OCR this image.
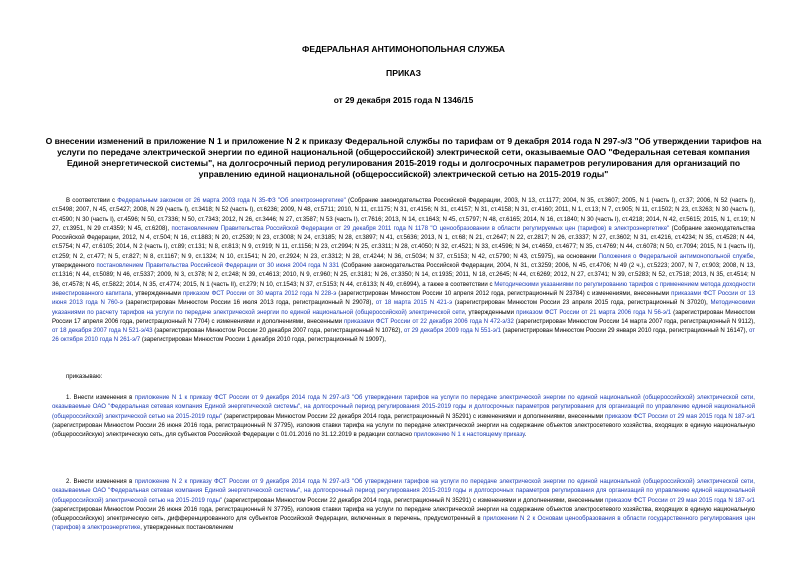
ФЕДЕРАЛЬНАЯ АНТИМОНОПОЛЬНАЯ СЛУЖБА
ПРИКАЗ
от 29 декабря 2015 года N 1346/15
О внесении изменений в приложение N 1 и приложение N 2 к приказу Федеральной службы по тарифам от 9 декабря 2014 года N 297-э/3 "Об утверждении тарифов на услуги по передаче электрической энергии по единой национальной (общероссийской) электрической сети, оказываемые ОАО "Федеральная сетевая компания Единой энергетической системы", на долгосрочный период регулирования 2015-2019 годы и долгосрочных параметров регулирования для организаций по управлению единой национальной (общероссийской) электрической сетью на 2015-2019 годы"
В соответствии с Федеральным законом от 26 марта 2003 года N 35-ФЗ "Об электроэнергетике" (Собрание законодательства Российской Федерации, 2003, N 13, ст.1177; 2004, N 35, ст.3607; 2005, N 1 (часть I), ст.37; 2006, N 52 (часть I), ст.5498; 2007, N 45, ст.5427; 2008, N 29 (часть I), ст.3418; N 52 (часть I), ст.6236; 2009, N 48, ст.5711; 2010, N 11, ст.1175; N 31, ст.4156; N 31, ст.4157; N 31, ст.4158; N 31, ст.4160; 2011, N 1, ст.13; N 7, ст.905; N 11, ст.1502; N 23, ст.3263; N 30 (часть I), ст.4590; N 30 (часть I), ст.4596; N 50, ст.7336; N 50, ст.7343; 2012, N 26, ст.3446; N 27, ст.3587; N 53 (часть I), ст.7616; 2013, N 14, ст.1643; N 45, ст.5797; N 48, ст.6165; 2014, N 16, ст.1840; N 30 (часть I), ст.4218; 2014, N 42, ст.5615; 2015, N 1, ст.19; N 27, ст.3951, N 29 ст.4359; N 45, ст.6208), постановлением Правительства Российской Федерации от 29 декабря 2011 года N 1178 "О ценообразовании в области регулируемых цен (тарифов) в электроэнергетике" (Собрание законодательства Российской Федерации, 2012, N 4, ст.504; N 16, ст.1883; N 20, ст.2539; N 23, ст.3008; N 24, ст.3185; N 28, ст.3897; N 41, ст.5636; 2013, N 1, ст.68; N 21, ст.2647; N 22, ст.2817; N 26, ст.3337; N 27, ст.3602; N 31, ст.4216, ст.4234; N 35, ст.4528; N 44, ст.5754; N 47, ст.6105; 2014, N 2 (часть I), ст.89; ст.131; N 8, ст.813; N 9, ст.919; N 11, ст.1156; N 23, ст.2994; N 25, ст.3311; N 28, ст.4050; N 32, ст.4521; N 33, ст.4596; N 34, ст.4659, ст.4677; N 35, ст.4769; N 44, ст.6078; N 50, ст.7094; 2015, N 1 (часть II), ст.259; N 2, ст.477; N 5, ст.827; N 8, ст.1167; N 9, ст.1324; N 10, ст.1541; N 20, ст.2924; N 23, ст.3312; N 28, ст.4244; N 36, ст.5034; N 37, ст.5153; N 42, ст.5790; N 43, ст.5975), на основании Положения о Федеральной антимонопольной службе, утвержденного постановлением Правительства Российской Федерации от 30 июня 2004 года N 331 (Собрание законодательства Российской Федерации, 2004, N 31, ст.3259; 2006, N 45, ст.4706; N 49 (2 ч.), ст.5223; 2007, N 7, ст.903; 2008, N 13, ст.1316; N 44, ст.5089; N 46, ст.5337; 2009, N 3, ст.378; N 2, ст.248; N 39, ст.4613; 2010, N 9, ст.960; N 25, ст.3181; N 26, ст.3350; N 14, ст.1935; 2011, N 18, ст.2645; N 44, ст.6269; 2012, N 27, ст.3741; N 39, ст.5283; N 52, ст.7518; 2013, N 35, ст.4514; N 36, ст.4578; N 45, ст.5822; 2014, N 35, ст.4774; 2015, N 1 (часть II), ст.279; N 10, ст.1543; N 37, ст.5153; N 44, ст.6133; N 49, ст.6994), а также в соответствии с Методическими указаниями по регулированию тарифов с применением метода доходности инвестированного капитала, утвержденными приказом ФСТ России от 30 марта 2012 года N 228-э (зарегистрирован Минюстом России 10 апреля 2012 года, регистрационный N 23784) с изменениями, внесенными приказами ФСТ России от 13 июня 2013 года N 760-э (зарегистрирован Минюстом России 16 июля 2013 года, регистрационный N 29078), от 18 марта 2015 N 421-э (зарегистрирован Минюстом России 23 апреля 2015 года, регистрационный N 37020), Методическими указаниями по расчету тарифов на услуги по передаче электрической энергии по единой национальной (общероссийской) электрической сети, утвержденными приказом ФСТ России от 21 марта 2006 года N 56-э/1 (зарегистрирован Минюстом России 17 апреля 2006 года, регистрационный N 7704) с изменениями и дополнениями, внесенными приказами ФСТ России от 22 декабря 2006 года N 472-э/32 (зарегистрирован Минюстом России 14 марта 2007 года, регистрационный N 9112), от 18 декабря 2007 года N 521-э/43 (зарегистрирован Минюстом России 20 декабря 2007 года, регистрационный N 10762), от 29 декабря 2009 года N 551-э/1 (зарегистрирован Минюстом России 29 января 2010 года, регистрационный N 16147), от 26 октября 2010 года N 261-э/7 (зарегистрирован Минюстом России 1 декабря 2010 года, регистрационный N 19097),
приказываю:
1. Внести изменения в приложение N 1 к приказу ФСТ России от 9 декабря 2014 года N 297-э/3 "Об утверждении тарифов на услуги по передаче электрической энергии по единой национальной (общероссийской) электрической сети, оказываемые ОАО "Федеральная сетевая компания Единой энергетической системы", на долгосрочный период регулирования 2015-2019 годы и долгосрочных параметров регулирования для организаций по управлению единой национальной (общероссийской) электрической сетью на 2015-2019 годы" (зарегистрирован Минюстом России 22 декабря 2014 года, регистрационный N 35291) с изменениями и дополнениями, внесенными приказом ФСТ России от 29 мая 2015 года N 187-э/1 (зарегистрирован Минюстом России 26 июня 2016 года, регистрационный N 37795), изложив ставки тарифа на услуги по передаче электрической энергии на содержание объектов электросетевого хозяйства, входящих в единую национальную (общероссийскую) электрическую сеть, для субъектов Российской Федерации с 01.01.2016 по 31.12.2019 в редакции согласно приложению N 1 к настоящему приказу.
2. Внести изменения в приложение N 2 к приказу ФСТ России от 9 декабря 2014 года N 297-э/3 "Об утверждении тарифов на услуги по передаче электрической энергии по единой национальной (общероссийской) электрической сети, оказываемые ОАО "Федеральная сетевая компания Единой энергетической системы", на долгосрочный период регулирования 2015-2019 годы и долгосрочных параметров регулирования для организаций по управлению единой национальной (общероссийской) электрической сетью на 2015-2019 годы" (зарегистрирован Минюстом России 22 декабря 2014 года, регистрационный N 35291) с изменениями и дополнениями, внесенными приказом ФСТ России от 29 мая 2015 года N 187-э/1 (зарегистрирован Минюстом России 26 июня 2016 года, регистрационный N 37795), изложив ставки тарифа на услуги по передаче электрической энергии на содержание объектов электросетевого хозяйства, входящих в единую национальную (общероссийскую) электрическую сеть, дифференцированного для субъектов Российской Федерации, включенных в перечень, предусмотренный в приложении N 2 к Основам ценообразования в области государственного регулирования цен (тарифов) в электроэнергетике, утвержденных постановлением
